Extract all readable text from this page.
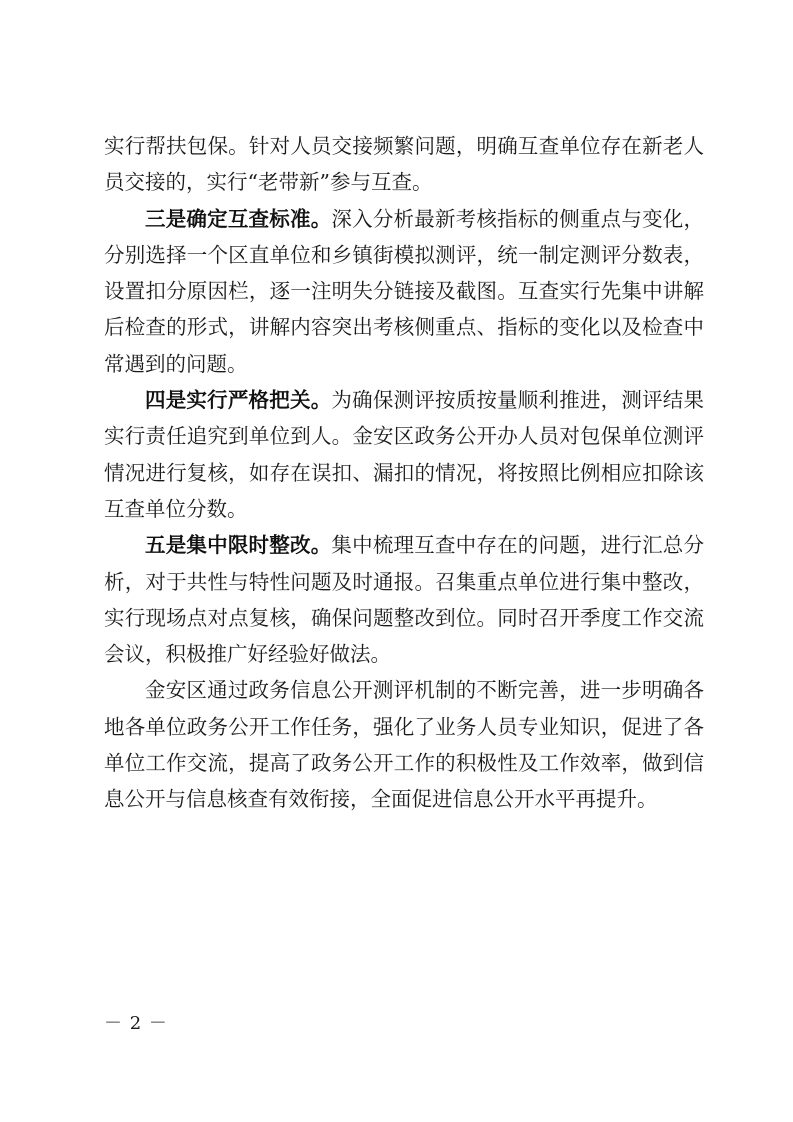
实行帮扶包保。针对人员交接频繁问题，明确互查单位存在新老人员交接的，实行“老带新”参与互查。

三是确定互查标准。深入分析最新考核指标的侧重点与变化，分别选择一个区直单位和乡镇街模拟测评，统一制定测评分数表，设置扣分原因栏，逐一注明失分链接及截图。互查实行先集中讲解后检查的形式，讲解内容突出考核侧重点、指标的变化以及检查中常遇到的问题。

四是实行严格把关。为确保测评按质按量顺利推进，测评结果实行责任追究到单位到人。金安区政务公开办人员对包保单位测评情况进行复核，如存在误扣、漏扣的情况，将按照比例相应扣除该互查单位分数。

五是集中限时整改。集中梳理互查中存在的问题，进行汇总分析，对于共性与特性问题及时通报。召集重点单位进行集中整改，实行现场点对点复核，确保问题整改到位。同时召开季度工作交流会议，积极推广好经验好做法。

金安区通过政务信息公开测评机制的不断完善，进一步明确各地各单位政务公开工作任务，强化了业务人员专业知识，促进了各单位工作交流，提高了政务公开工作的积极性及工作效率，做到信息公开与信息核查有效衔接，全面促进信息公开水平再提升。

－ 2 －
